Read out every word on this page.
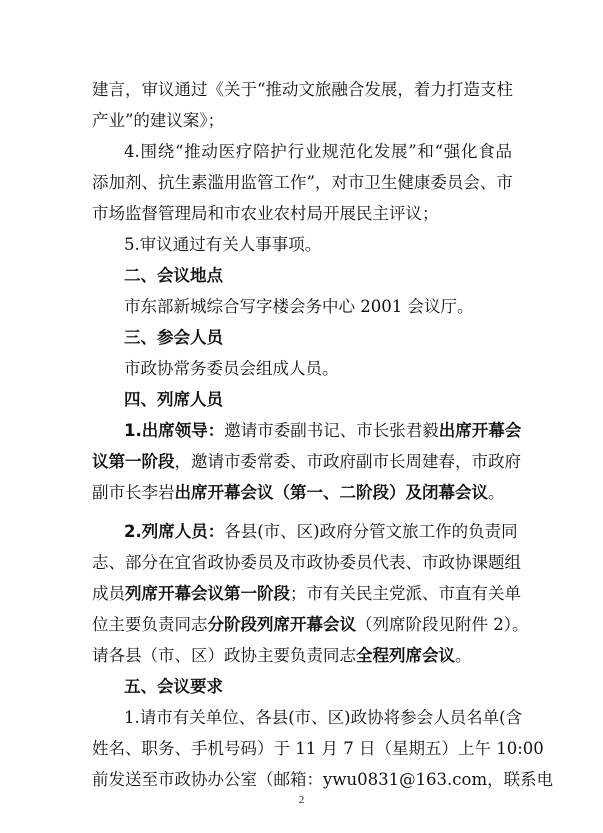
建言，审议通过《关于“推动文旅融合发展，着力打造支柱
产业”的建议案》；
4.围绕“推动医疗陪护行业规范化发展”和“强化食品
添加剂、抗生素滥用监管工作”，对市卫生健康委员会、市
市场监督管理局和市农业农村局开展民主评议；
5.审议通过有关人事事项。
二、会议地点
市东部新城综合写字楼会务中心 2001 会议厅。
三、参会人员
市政协常务委员会组成人员。
四、列席人员
1.出席领导：邀请市委副书记、市长张君毅出席开幕会
议第一阶段，邀请市委常委、市政府副市长周建春，市政府
副市长李岩出席开幕会议（第一、二阶段）及闭幕会议。
2.列席人员：各县(市、区)政府分管文旅工作的负责同
志、部分在宜省政协委员及市政协委员代表、市政协课题组
成员列席开幕会议第一阶段；市有关民主党派、市直有关单
位主要负责同志分阶段列席开幕会议（列席阶段见附件 2）。
请各县（市、区）政协主要负责同志全程列席会议。
五、会议要求
1.请市有关单位、各县(市、区)政协将参会人员名单(含
姓名、职务、手机号码）于 11 月 7 日（星期五）上午 10:00
前发送至市政协办公室（邮箱：ywu0831@163.com，联系电
2
